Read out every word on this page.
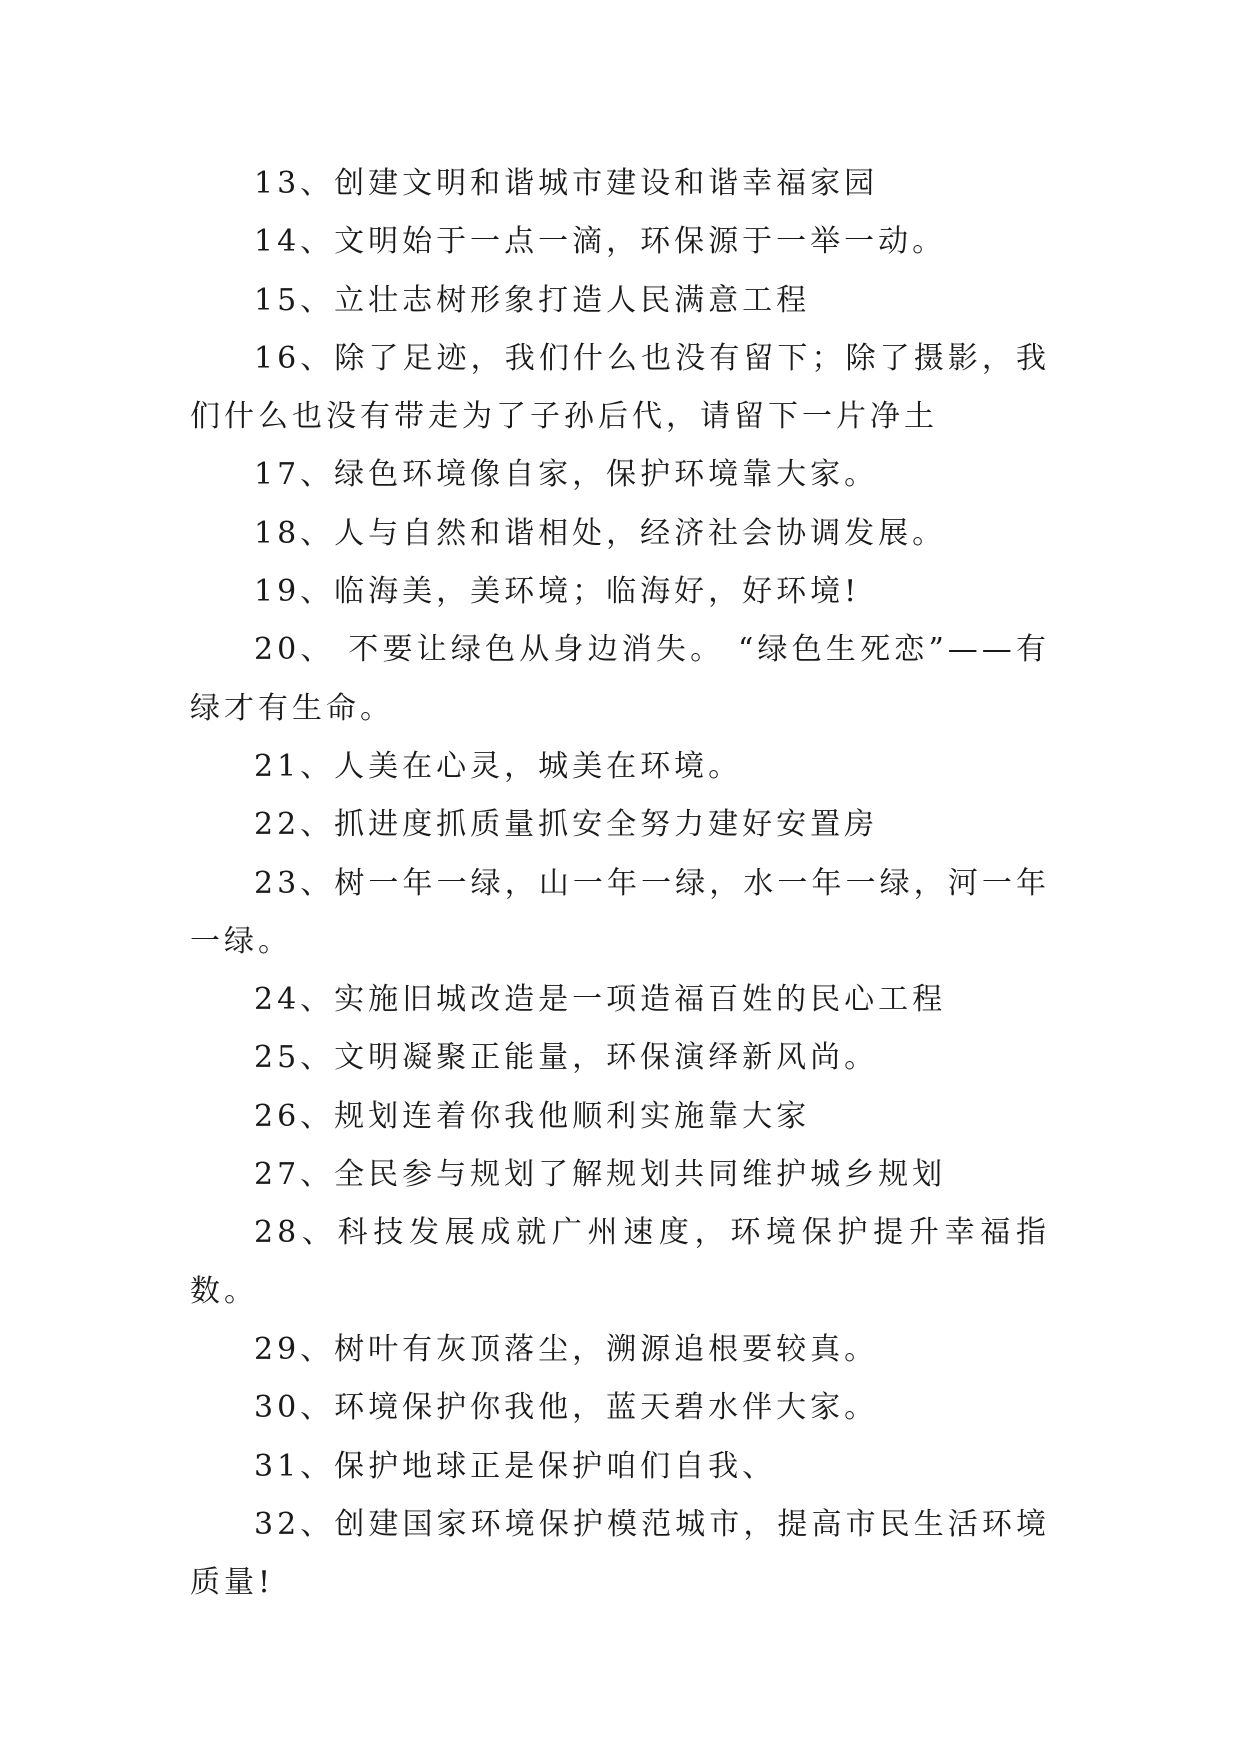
13、创建文明和谐城市建设和谐幸福家园

14、文明始于一点一滴，环保源于一举一动。

15、立壮志树形象打造人民满意工程

16、除了足迹，我们什么也没有留下；除了摄影，我们什么也没有带走为了子孙后代，请留下一片净土

17、绿色环境像自家，保护环境靠大家。

18、人与自然和谐相处，经济社会协调发展。

19、临海美，美环境；临海好，好环境!

20、 不要让绿色从身边消失。 “绿色生死恋”——有绿才有生命。

21、人美在心灵，城美在环境。

22、抓进度抓质量抓安全努力建好安置房

23、树一年一绿，山一年一绿，水一年一绿，河一年一绿。

24、实施旧城改造是一项造福百姓的民心工程

25、文明凝聚正能量，环保演绎新风尚。

26、规划连着你我他顺利实施靠大家

27、全民参与规划了解规划共同维护城乡规划

28、科技发展成就广州速度，环境保护提升幸福指数。

29、树叶有灰顶落尘，溯源追根要较真。

30、环境保护你我他，蓝天碧水伴大家。

31、保护地球正是保护咱们自我、

32、创建国家环境保护模范城市，提高市民生活环境质量!
